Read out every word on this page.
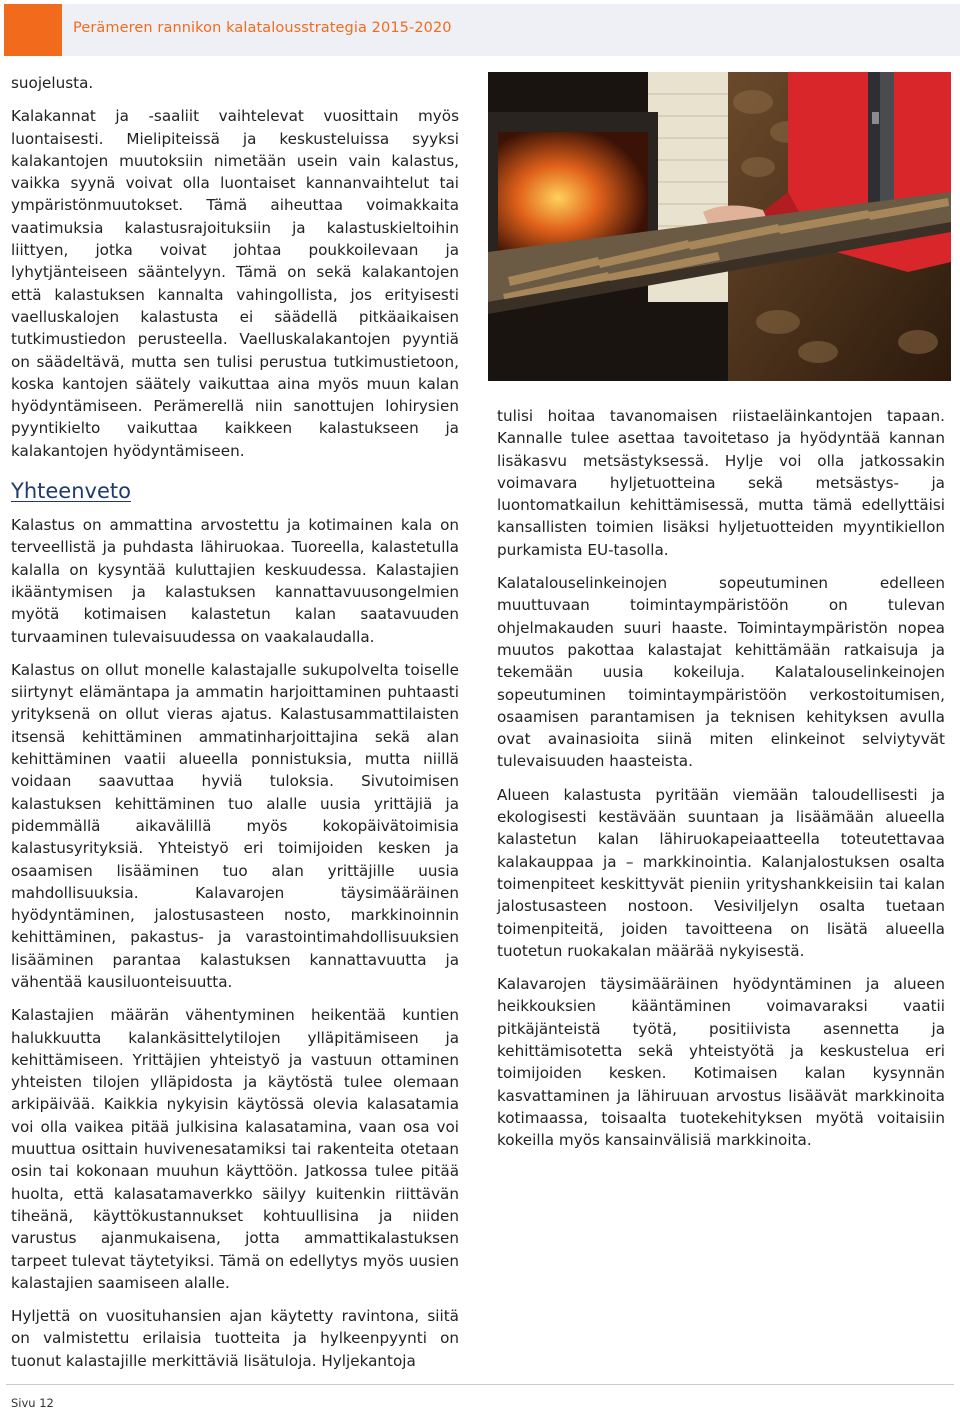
Perämeren rannikon kalatalousstrategia 2015-2020

suojelusta.

Kalakannat ja -saaliit vaihtelevat vuosittain myös luontaisesti. Mielipiteissä ja keskusteluissa syyksi kalakantojen muutoksiin nimetään usein vain kalastus, vaikka syynä voivat olla luontaiset kannanvaihtelut tai ympäristönmuutokset. Tämä aiheuttaa voimakkaita vaatimuksia kalastusrajoituksiin ja kalastuskieltoihin liittyen, jotka voivat johtaa poukkoilevaan ja lyhytjänteiseen sääntelyyn. Tämä on sekä kalakantojen että kalastuksen kannalta vahingollista, jos erityisesti vaelluskalojen kalastusta ei säädellä pitkäaikaisen tutkimustiedon perusteella. Vaelluskalakantojen pyyntiä on säädeltävä, mutta sen tulisi perustua tutkimustietoon, koska kantojen säätely vaikuttaa aina myös muun kalan hyödyntämiseen. Perämerellä niin sanottujen lohirysien pyyntikielto vaikuttaa kaikkeen kalastukseen ja kalakantojen hyödyntämiseen.

Yhteenveto

Kalastus on ammattina arvostettu ja kotimainen kala on terveellistä ja puhdasta lähiruokaa. Tuoreella, kalastetulla kalalla on kysyntää kuluttajien keskuudessa. Kalastajien ikääntymisen ja kalastuksen kannattavuusongelmien myötä kotimaisen kalastetun kalan saatavuuden turvaaminen tulevaisuudessa on vaakalaudalla.

Kalastus on ollut monelle kalastajalle sukupolvelta toiselle siirtynyt elämäntapa ja ammatin harjoittaminen puhtaasti yrityksenä on ollut vieras ajatus. Kalastusammattilaisten itsensä kehittäminen ammatinharjoittajina sekä alan kehittäminen vaatii alueella ponnistuksia, mutta niillä voidaan saavuttaa hyviä tuloksia. Sivutoimisen kalastuksen kehittäminen tuo alalle uusia yrittäjiä ja pidemmällä aikavälillä myös kokopäivätoimisia kalastusyrityksiä. Yhteistyö eri toimijoiden kesken ja osaamisen lisääminen tuo alan yrittäjille uusia mahdollisuuksia. Kalavarojen täysimääräinen hyödyntäminen, jalostusasteen nosto, markkinoinnin kehittäminen, pakastus- ja varastointimahdollisuuksien lisääminen parantaa kalastuksen kannattavuutta ja vähentää kausiluonteisuutta.

Kalastajien määrän vähentyminen heikentää kuntien halukkuutta kalankäsittelytilojen ylläpitämiseen ja kehittämiseen. Yrittäjien yhteistyö ja vastuun ottaminen yhteisten tilojen ylläpidosta ja käytöstä tulee olemaan arkipäivää. Kaikkia nykyisin käytössä olevia kalasatamia voi olla vaikea pitää julkisina kalasatamina, vaan osa voi muuttua osittain huvivenesatamiksi tai rakenteita otetaan osin tai kokonaan muuhun käyttöön. Jatkossa tulee pitää huolta, että kalasatamaverkko säilyy kuitenkin riittävän tiheänä, käyttökustannukset kohtuullisina ja niiden varustus ajanmukaisena, jotta ammattikalastuksen tarpeet tulevat täytetyiksi. Tämä on edellytys myös uusien kalastajien saamiseen alalle.

Hyljettä on vuosituhansien ajan käytetty ravintona, siitä on valmistettu erilaisia tuotteita ja hylkeenpyynti on tuonut kalastajille merkittäviä lisätuloja. Hyljekantoja

tulisi hoitaa tavanomaisen riistaeläinkantojen tapaan. Kannalle tulee asettaa tavoitetaso ja hyödyntää kannan lisäkasvu metsästyksessä. Hylje voi olla jatkossakin voimavara hyljetuotteina sekä metsästys- ja luontomatkailun kehittämisessä, mutta tämä edellyttäisi kansallisten toimien lisäksi hyljetuotteiden myyntikiellon purkamista EU-tasolla.

Kalatalouselinkeinojen sopeutuminen edelleen muuttuvaan toimintaympäristöön on tulevan ohjelmakauden suuri haaste. Toimintaympäristön nopea muutos pakottaa kalastajat kehittämään ratkaisuja ja tekemään uusia kokeiluja. Kalatalouselinkeinojen sopeutuminen toimintaympäristöön verkostoitumisen, osaamisen parantamisen ja teknisen kehityksen avulla ovat avainasioita siinä miten elinkeinot selviytyvät tulevaisuuden haasteista.

Alueen kalastusta pyritään viemään taloudellisesti ja ekologisesti kestävään suuntaan ja lisäämään alueella kalastetun kalan lähiruokapeiaatteella toteutettavaa kalakauppaa ja – markkinointia. Kalanjalostuksen osalta toimenpiteet keskittyvät pieniin yrityshankkeisiin tai kalan jalostusasteen nostoon. Vesiviljelyn osalta tuetaan toimenpiteitä, joiden tavoitteena on lisätä alueella tuotetun ruokakalan määrää nykyisestä.

Kalavarojen täysimääräinen hyödyntäminen ja alueen heikkouksien kääntäminen voimavaraksi vaatii pitkäjänteistä työtä, positiivista asennetta ja kehittämisotetta sekä yhteistyötä ja keskustelua eri toimijoiden kesken. Kotimaisen kalan kysynnän kasvattaminen ja lähiruuan arvostus lisäävät markkinoita kotimaassa, toisaalta tuotekehityksen myötä voitaisiin kokeilla myös kansainvälisiä markkinoita.

Sivu 12
